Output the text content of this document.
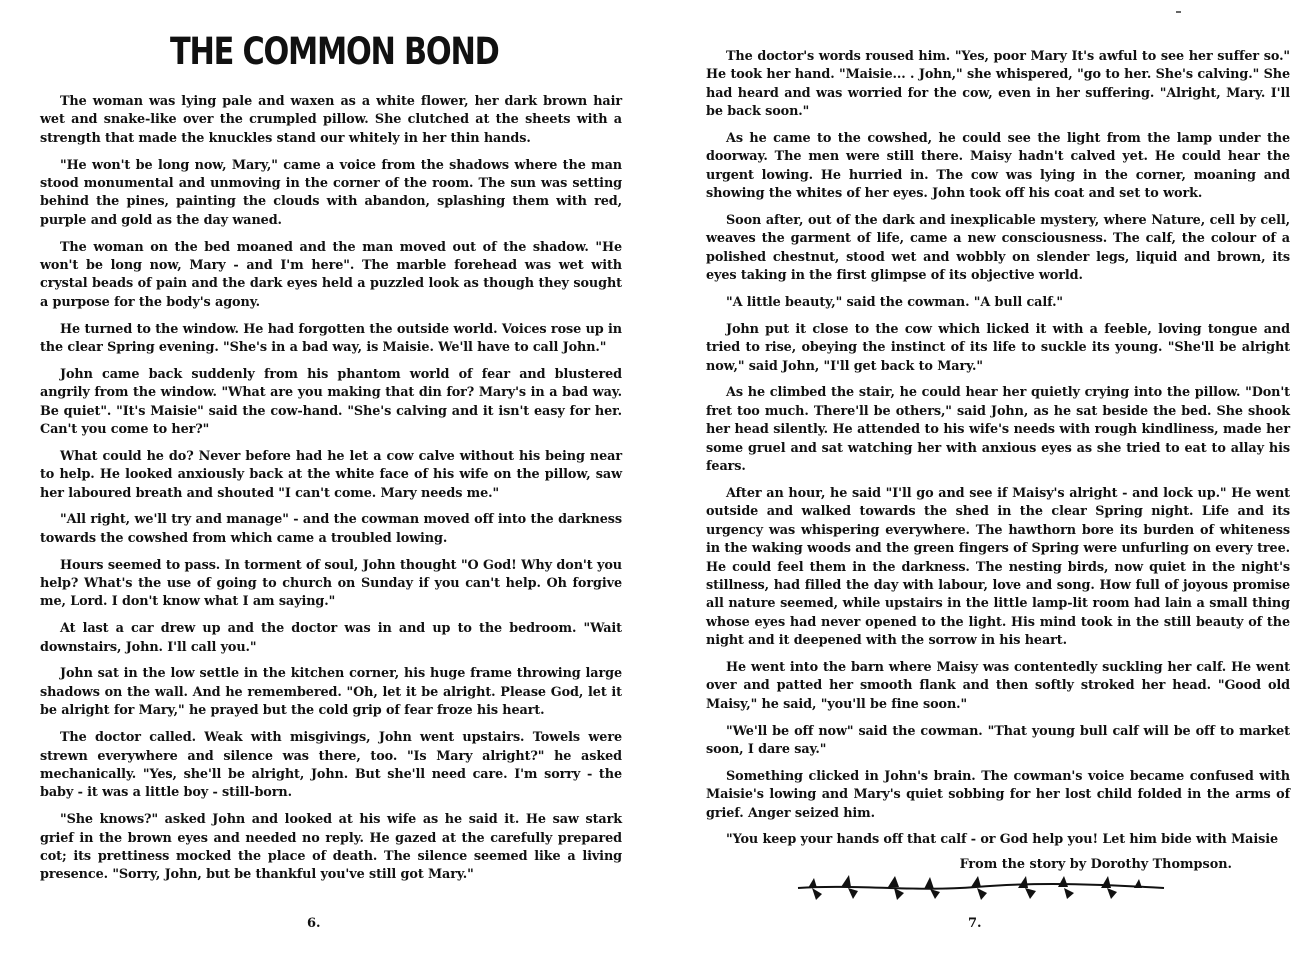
THE COMMON BOND

The woman was lying pale and waxen as a white flower, her dark brown hair wet and snake-like over the crumpled pillow. She clutched at the sheets with a strength that made the knuckles stand our whitely in her thin hands.

"He won't be long now, Mary," came a voice from the shadows where the man stood monumental and unmoving in the corner of the room. The sun was setting behind the pines, painting the clouds with abandon, splashing them with red, purple and gold as the day waned.

The woman on the bed moaned and the man moved out of the shadow. "He won't be long now, Mary - and I'm here". The marble forehead was wet with crystal beads of pain and the dark eyes held a puzzled look as though they sought a purpose for the body's agony.

He turned to the window. He had forgotten the outside world. Voices rose up in the clear Spring evening. "She's in a bad way, is Maisie. We'll have to call John."

John came back suddenly from his phantom world of fear and blustered angrily from the window. "What are you making that din for? Mary's in a bad way. Be quiet". "It's Maisie" said the cow-hand. "She's calving and it isn't easy for her. Can't you come to her?"

What could he do? Never before had he let a cow calve without his being near to help. He looked anxiously back at the white face of his wife on the pillow, saw her laboured breath and shouted "I can't come. Mary needs me."

"All right, we'll try and manage" - and the cowman moved off into the darkness towards the cowshed from which came a troubled lowing.

Hours seemed to pass. In torment of soul, John thought "O God! Why don't you help? What's the use of going to church on Sunday if you can't help. Oh forgive me, Lord. I don't know what I am saying."

At last a car drew up and the doctor was in and up to the bedroom. "Wait downstairs, John. I'll call you."

John sat in the low settle in the kitchen corner, his huge frame throwing large shadows on the wall. And he remembered. "Oh, let it be alright. Please God, let it be alright for Mary," he prayed but the cold grip of fear froze his heart.

The doctor called. Weak with misgivings, John went upstairs. Towels were strewn everywhere and silence was there, too. "Is Mary alright?" he asked mechanically. "Yes, she'll be alright, John. But she'll need care. I'm sorry - the baby - it was a little boy - still-born.

"She knows?" asked John and looked at his wife as he said it. He saw stark grief in the brown eyes and needed no reply. He gazed at the carefully prepared cot; its prettiness mocked the place of death. The silence seemed like a living presence. "Sorry, John, but be thankful you've still got Mary."

6.

The doctor's words roused him. "Yes, poor Mary It's awful to see her suffer so." He took her hand. "Maisie... . John," she whispered, "go to her. She's calving." She had heard and was worried for the cow, even in her suffering. "Alright, Mary. I'll be back soon."

As he came to the cowshed, he could see the light from the lamp under the doorway. The men were still there. Maisy hadn't calved yet. He could hear the urgent lowing. He hurried in. The cow was lying in the corner, moaning and showing the whites of her eyes. John took off his coat and set to work.

Soon after, out of the dark and inexplicable mystery, where Nature, cell by cell, weaves the garment of life, came a new consciousness. The calf, the colour of a polished chestnut, stood wet and wobbly on slender legs, liquid and brown, its eyes taking in the first glimpse of its objective world.

"A little beauty," said the cowman. "A bull calf."

John put it close to the cow which licked it with a feeble, loving tongue and tried to rise, obeying the instinct of its life to suckle its young. "She'll be alright now," said John, "I'll get back to Mary."

As he climbed the stair, he could hear her quietly crying into the pillow. "Don't fret too much. There'll be others," said John, as he sat beside the bed. She shook her head silently. He attended to his wife's needs with rough kindliness, made her some gruel and sat watching her with anxious eyes as she tried to eat to allay his fears.

After an hour, he said "I'll go and see if Maisy's alright - and lock up." He went outside and walked towards the shed in the clear Spring night. Life and its urgency was whispering everywhere. The hawthorn bore its burden of whiteness in the waking woods and the green fingers of Spring were unfurling on every tree. He could feel them in the darkness. The nesting birds, now quiet in the night's stillness, had filled the day with labour, love and song. How full of joyous promise all nature seemed, while upstairs in the little lamp-lit room had lain a small thing whose eyes had never opened to the light. His mind took in the still beauty of the night and it deepened with the sorrow in his heart.

He went into the barn where Maisy was contentedly suckling her calf. He went over and patted her smooth flank and then softly stroked her head. "Good old Maisy," he said, "you'll be fine soon."

"We'll be off now" said the cowman. "That young bull calf will be off to market soon, I dare say."

Something clicked in John's brain. The cowman's voice became confused with Maisie's lowing and Mary's quiet sobbing for her lost child folded in the arms of grief. Anger seized him.

"You keep your hands off that calf - or God help you! Let him bide with Maisie

From the story by Dorothy Thompson.
7.
